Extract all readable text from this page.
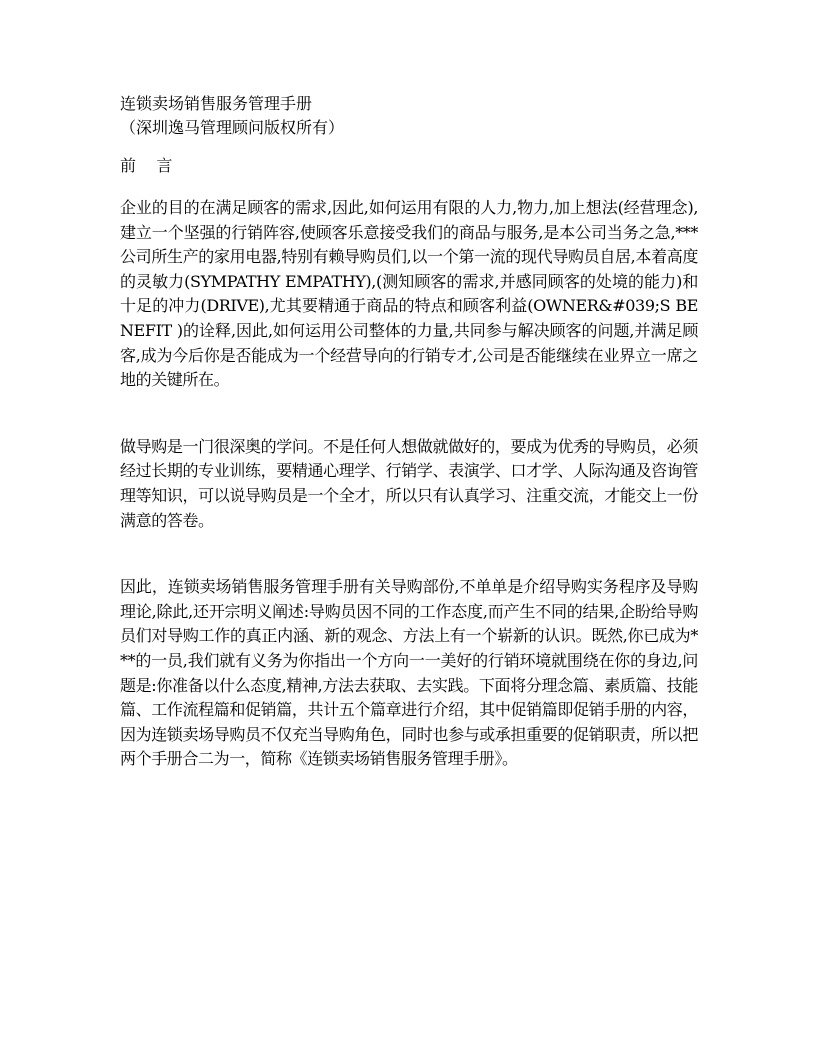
连锁卖场销售服务管理手册

（深圳逸马管理顾问版权所有）

前    言

企业的目的在满足顾客的需求,因此,如何运用有限的人力,物力,加上想法(经营理念),建立一个坚强的行销阵容,使顾客乐意接受我们的商品与服务,是本公司当务之急,***公司所生产的家用电器,特别有赖导购员们,以一个第一流的现代导购员自居,本着高度的灵敏力(SYMPATHY EMPATHY),(测知顾客的需求,并感同顾客的处境的能力)和十足的冲力(DRIVE),尤其要精通于商品的特点和顾客利益(OWNER&#039;S BENEFIT )的诠释,因此,如何运用公司整体的力量,共同参与解决顾客的问题,并满足顾客,成为今后你是否能成为一个经营导向的行销专才,公司是否能继续在业界立一席之地的关键所在。

做导购是一门很深奥的学问。不是任何人想做就做好的，要成为优秀的导购员，必须经过长期的专业训练，要精通心理学、行销学、表演学、口才学、人际沟通及咨询管理等知识，可以说导购员是一个全才，所以只有认真学习、注重交流，才能交上一份满意的答卷。

因此，连锁卖场销售服务管理手册有关导购部份,不单单是介绍导购实务程序及导购理论,除此,还开宗明义阐述:导购员因不同的工作态度,而产生不同的结果,企盼给导购员们对导购工作的真正内涵、新的观念、方法上有一个崭新的认识。既然,你已成为***的一员,我们就有义务为你指出一个方向一一美好的行销环境就围绕在你的身边,问题是:你准备以什么态度,精神,方法去获取、去实践。下面将分理念篇、素质篇、技能篇、工作流程篇和促销篇，共计五个篇章进行介绍，其中促销篇即促销手册的内容，因为连锁卖场导购员不仅充当导购角色，同时也参与或承担重要的促销职责，所以把两个手册合二为一，简称《连锁卖场销售服务管理手册》。
